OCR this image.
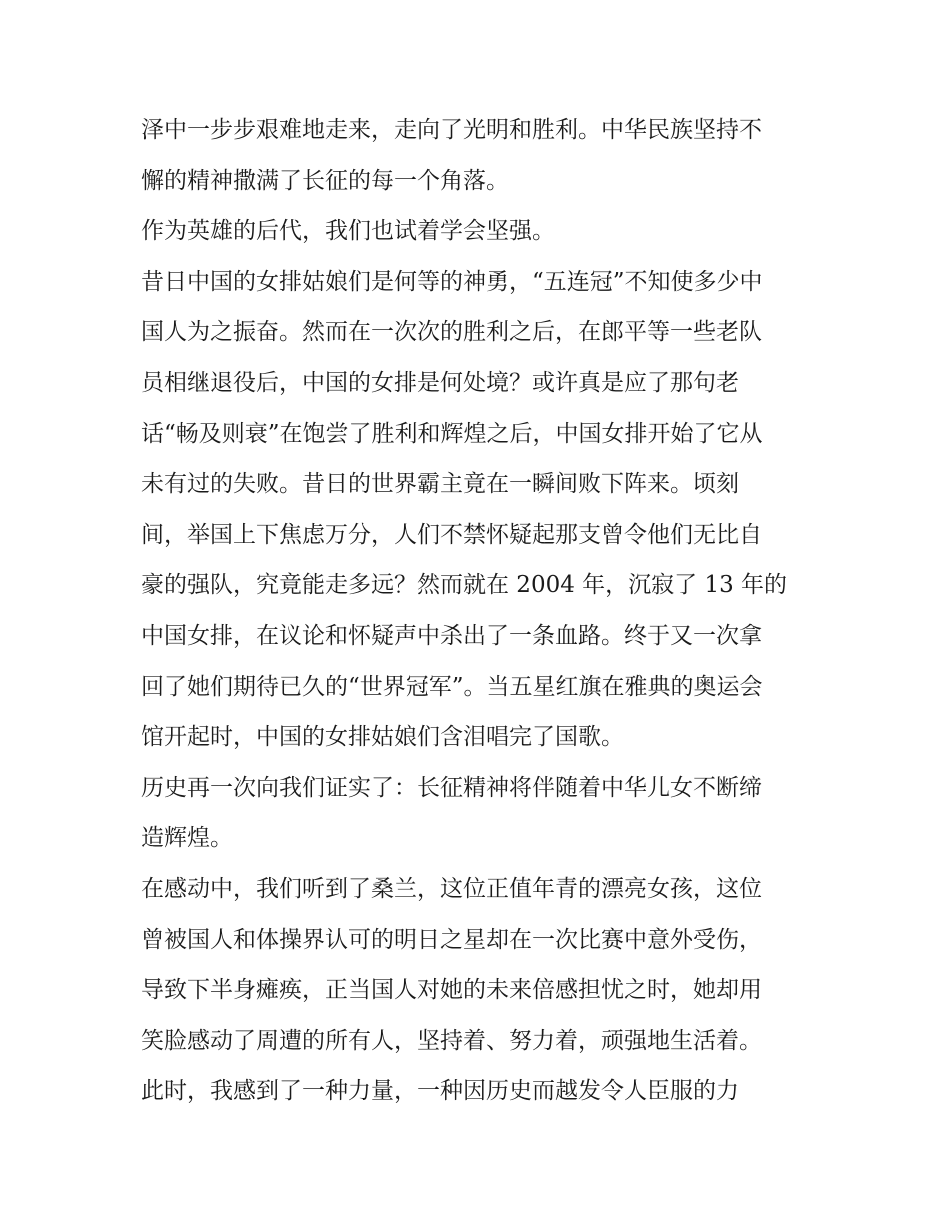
泽中一步步艰难地走来，走向了光明和胜利。中华民族坚持不
懈的精神撒满了长征的每一个角落。
作为英雄的后代，我们也试着学会坚强。
昔日中国的女排姑娘们是何等的神勇，“五连冠”不知使多少中
国人为之振奋。然而在一次次的胜利之后，在郎平等一些老队
员相继退役后，中国的女排是何处境？或许真是应了那句老
话“畅及则衰”在饱尝了胜利和辉煌之后，中国女排开始了它从
未有过的失败。昔日的世界霸主竟在一瞬间败下阵来。顷刻
间，举国上下焦虑万分，人们不禁怀疑起那支曾令他们无比自
豪的强队，究竟能走多远？然而就在 2004 年，沉寂了 13 年的
中国女排，在议论和怀疑声中杀出了一条血路。终于又一次拿
回了她们期待已久的“世界冠军”。当五星红旗在雅典的奥运会
馆开起时，中国的女排姑娘们含泪唱完了国歌。
历史再一次向我们证实了：长征精神将伴随着中华儿女不断缔
造辉煌。
在感动中，我们听到了桑兰，这位正值年青的漂亮女孩，这位
曾被国人和体操界认可的明日之星却在一次比赛中意外受伤，
导致下半身瘫痪，正当国人对她的未来倍感担忧之时，她却用
笑脸感动了周遭的所有人，坚持着、努力着，顽强地生活着。
此时，我感到了一种力量，一种因历史而越发令人臣服的力
